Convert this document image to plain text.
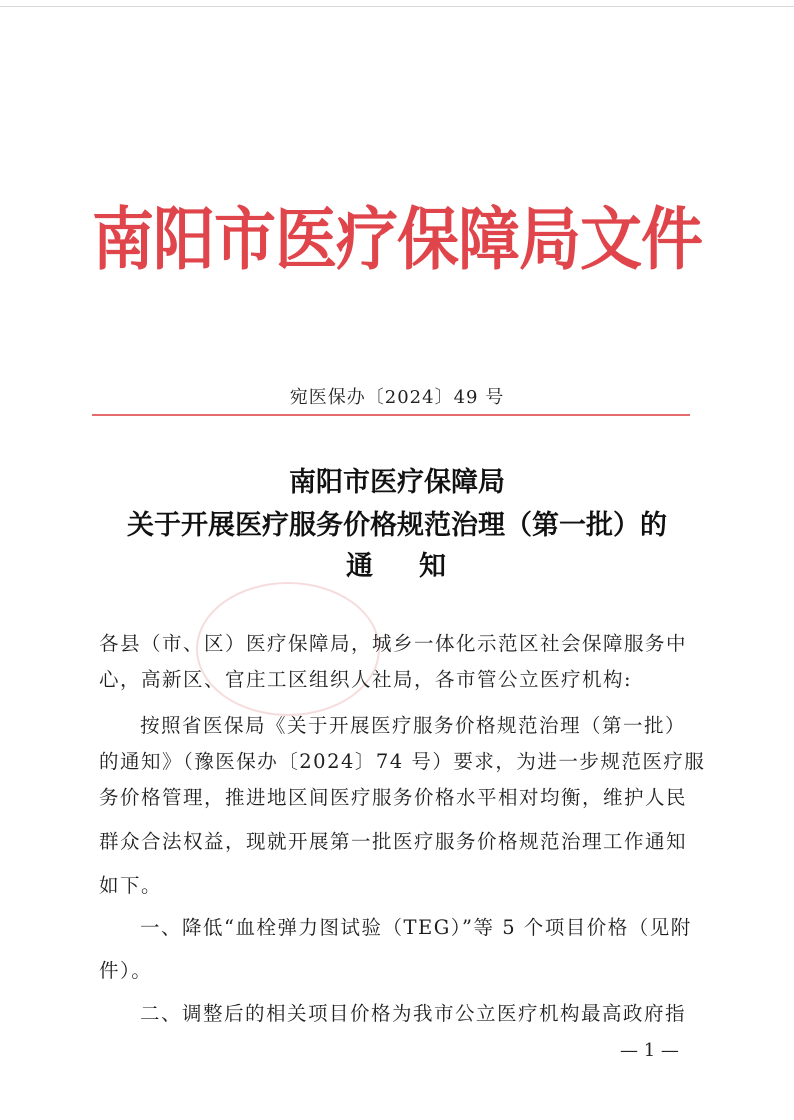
南阳市医疗保障局文件
宛医保办〔2024〕49 号
南阳市医疗保障局
关于开展医疗服务价格规范治理（第一批）的
通 知
各县（市、区）医疗保障局，城乡一体化示范区社会保障服务中
心，高新区、官庄工区组织人社局，各市管公立医疗机构:
按照省医保局《关于开展医疗服务价格规范治理（第一批）
的通知》（豫医保办〔2024〕74 号）要求，为进一步规范医疗服
务价格管理，推进地区间医疗服务价格水平相对均衡，维护人民
群众合法权益，现就开展第一批医疗服务价格规范治理工作通知
如下。
一、降低“血栓弹力图试验（TEG）”等 5 个项目价格（见附
件）。
二、调整后的相关项目价格为我市公立医疗机构最高政府指
— 1 —
